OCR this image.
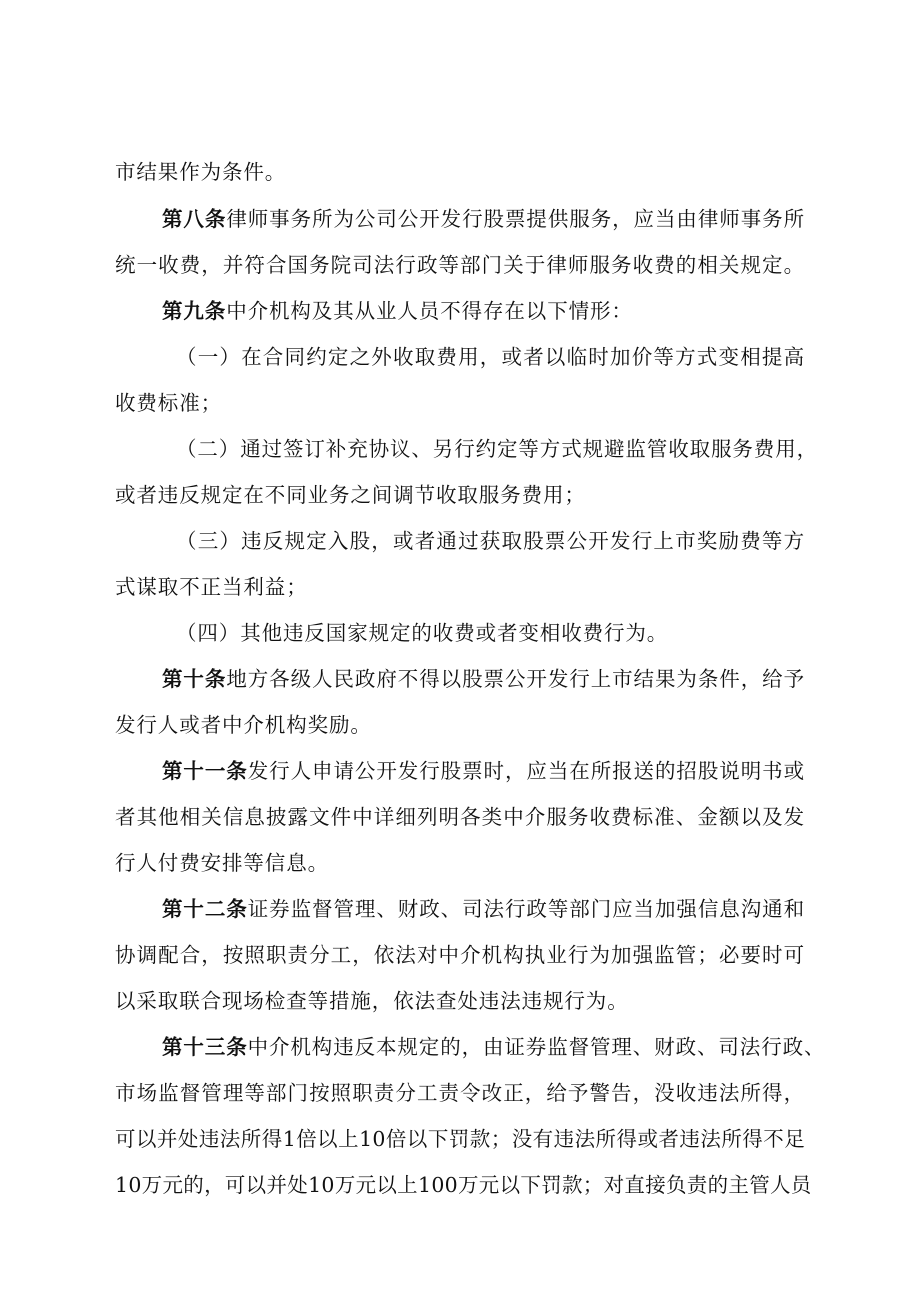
市结果作为条件。
第八条律师事务所为公司公开发行股票提供服务，应当由律师事务所
统一收费，并符合国务院司法行政等部门关于律师服务收费的相关规定。
第九条中介机构及其从业人员不得存在以下情形：
（一）在合同约定之外收取费用，或者以临时加价等方式变相提高
收费标准；
（二）通过签订补充协议、另行约定等方式规避监管收取服务费用，
或者违反规定在不同业务之间调节收取服务费用；
（三）违反规定入股，或者通过获取股票公开发行上市奖励费等方
式谋取不正当利益；
（四）其他违反国家规定的收费或者变相收费行为。
第十条地方各级人民政府不得以股票公开发行上市结果为条件，给予
发行人或者中介机构奖励。
第十一条发行人申请公开发行股票时，应当在所报送的招股说明书或
者其他相关信息披露文件中详细列明各类中介服务收费标准、金额以及发
行人付费安排等信息。
第十二条证券监督管理、财政、司法行政等部门应当加强信息沟通和
协调配合，按照职责分工，依法对中介机构执业行为加强监管；必要时可
以采取联合现场检查等措施，依法查处违法违规行为。
第十三条中介机构违反本规定的，由证券监督管理、财政、司法行政、
市场监督管理等部门按照职责分工责令改正，给予警告，没收违法所得，
可以并处违法所得1倍以上10倍以下罚款；没有违法所得或者违法所得不足
10万元的，可以并处10万元以上100万元以下罚款；对直接负责的主管人员
